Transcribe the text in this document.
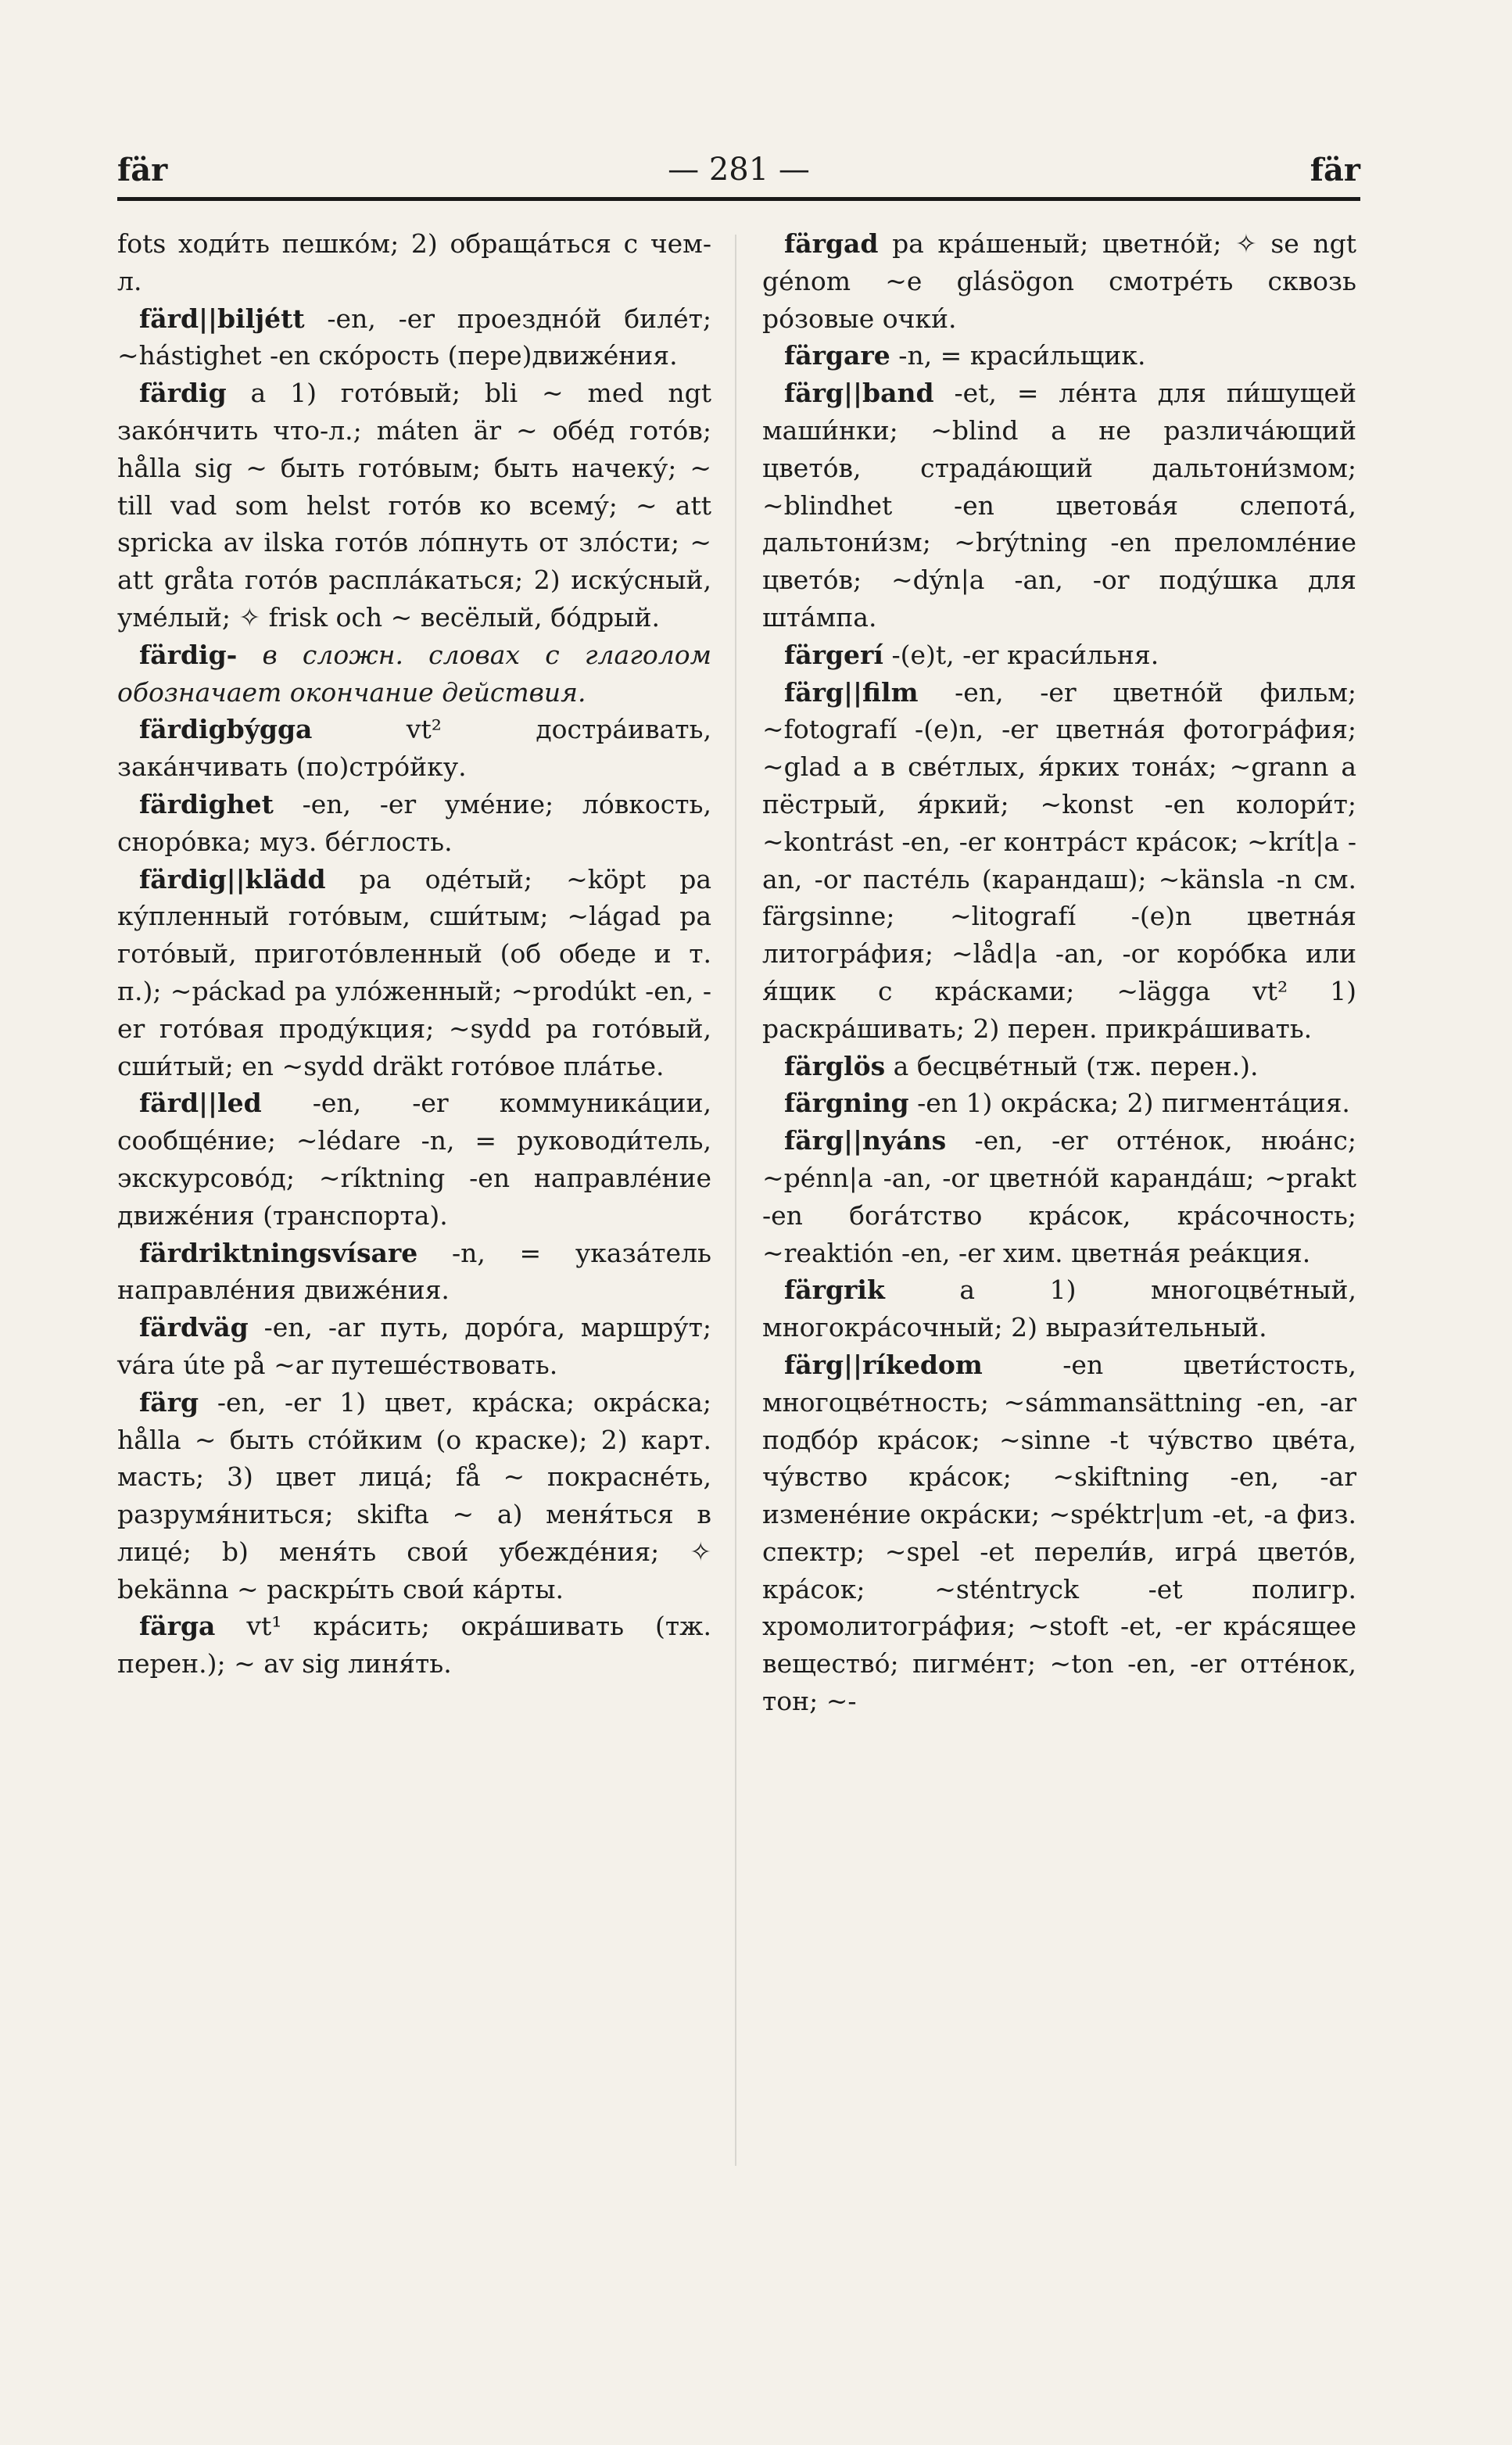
fär	— 281 —	fär

fots ходи́ть пешко́м; 2) обраща́ться с чем-л.

färd||biljétt -en, -er проездно́й биле́т; ~hástighet -en ско́рость (пере)движе́ния.

färdig a 1) гото́вый; bli ~ med ngt зако́нчить что-л.; máten är ~ обе́д гото́в; hålla sig ~ быть гото́вым; быть начеку́; ~ till vad som helst гото́в ко всему́; ~ att spricka av ilska гото́в ло́пнуть от зло́сти; ~ att gråta гото́в распла́каться; 2) иску́сный, уме́лый; ✧ frisk och ~ весёлый, бо́дрый.

färdig- в сложн. словах с глаголом обозначает окончание действия.

färdigbýgga vt² достра́ивать, зака́нчивать (по)стро́йку.

färdighet -en, -er уме́ние; ло́вкость, сноро́вка; муз. бе́глость.

färdig||klädd pa оде́тый; ~köpt pa ку́пленный гото́вым, сши́тым; ~lágad pa гото́вый, пригото́вленный (об обеде и т. п.); ~páckad pa уло́женный; ~prodúkt -en, -er гото́вая проду́кция; ~sydd pa гото́вый, сши́тый; en ~sydd dräkt гото́вое пла́тье.

färd||led -en, -er коммуника́ции, сообще́ние; ~lédare -n, = руководи́тель, экскурсово́д; ~ríktning -en направле́ние движе́ния (транспорта).

färdriktningsvísare -n, = указа́тель направле́ния движе́ния.

färdväg -en, -ar путь, доро́га, маршру́т; vára úte på ~ar путеше́ствовать.

färg -en, -er 1) цвет, кра́ска; окра́ска; hålla ~ быть сто́йким (о краске); 2) карт. масть; 3) цвет лица́; få ~ покрасне́ть, разрумя́ниться; skifta ~ a) меня́ться в лице́; b) меня́ть свои́ убежде́ния; ✧ bekänna ~ раскры́ть свои́ ка́рты.

färga vt¹ кра́сить; окра́шивать (тж. перен.); ~ av sig линя́ть.

färgad pa кра́шеный; цветно́й; ✧ se ngt génom ~e glásögon смотре́ть сквозь ро́зовые очки́.

färgare -n, = краси́льщик.

färg||band -et, = ле́нта для пи́шущей маши́нки; ~blind a не различа́ющий цвето́в, страда́ющий дальтони́змом; ~blindhet -en цветова́я слепота́, дальтони́зм; ~brýtning -en преломле́ние цвето́в; ~dýn|a -an, -or поду́шка для шта́мпа.

färgerí -(e)t, -er краси́льня.

färg||film -en, -er цветно́й фильм; ~fotografí -(e)n, -er цветна́я фотогра́фия; ~glad a в све́тлых, я́рких тона́х; ~grann a пёстрый, я́ркий; ~konst -en колори́т; ~kontrást -en, -er контра́ст кра́сок; ~krít|a -an, -or пасте́ль (карандаш); ~känsla -n см. färgsinne; ~litografí -(e)n цветна́я литогра́фия; ~låd|a -an, -or коро́бка или я́щик с кра́сками; ~lägga vt² 1) раскра́шивать; 2) перен. прикра́шивать.

färglös a бесцве́тный (тж. перен.).

färgning -en 1) окра́ска; 2) пигмента́ция.

färg||nyáns -en, -er отте́нок, нюа́нс; ~pénn|a -an, -or цветно́й каранда́ш; ~prakt -en бога́тство кра́сок, кра́сочность; ~reaktión -en, -er хим. цветна́я реа́кция.

färgrik a 1) многоцве́тный, многокра́сочный; 2) вырази́тельный.

färg||ríkedom -en цвети́стость, многоцве́тность; ~sámmansättning -en, -ar подбо́р кра́сок; ~sinne -t чу́вство цве́та, чу́вство кра́сок; ~skiftning -en, -ar измене́ние окра́ски; ~spéktr|um -et, -a физ. спектр; ~spel -et перели́в, игра́ цвето́в, кра́сок; ~sténtryck -et полигр. хромолитогра́фия; ~stoft -et, -er кра́сящее вещество́; пигме́нт; ~ton -en, -er отте́нок, тон; ~-
